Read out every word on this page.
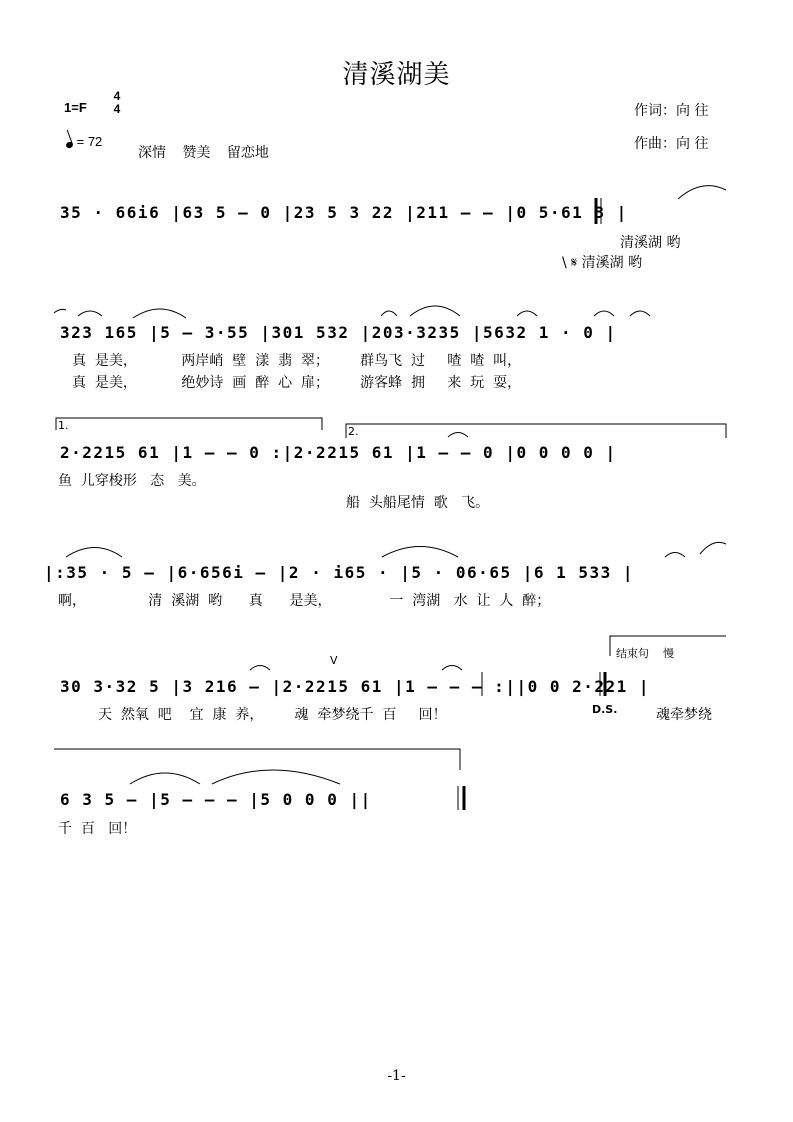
清溪湖美
1=F
4
4
= 72
深情 赞美 留恋地
作词：向 往
作曲：向 往
35 · 66i6 |63 5 — 0 |23 5 3 22 |211 — — |0 5·61 3 |
清溪湖 哟
\ 𝄋 清溪湖 哟
323 165 |5 — 3·55 |301 532 |203·3235 |5632 1 · 0 |
真  是美，          两岸峭  壁  漾  翡  翠；       群鸟飞  过     喳  喳  叫，
真  是美，          绝妙诗  画  醉  心  扉；       游客蜂  拥     来  玩  耍，
1.	2.
2·2215 61 |1 — — 0 :|2·2215 61 |1 — — 0 |0 0 0 0 |
鱼  儿穿梭形   态   美。
船  头船尾情  歌   飞。
|:35 · 5 — |6·656i — |2 · i65 · |5 · 06·65 |6 1 533 |
啊，              清  溪湖  哟      真      是美，             一  湾湖   水  让  人  醉；
结束句    慢
V
30 3·32 5 |3 216 — |2·2215 61 |1 — — — :||0 0 2·221 |
天  然氧  吧    宜  康  养，       魂  牵梦绕千  百     回！	D.S.	魂牵梦绕
6 3 5 — |5 — — — |5 0 0 0 ||
千  百   回！
-1-
